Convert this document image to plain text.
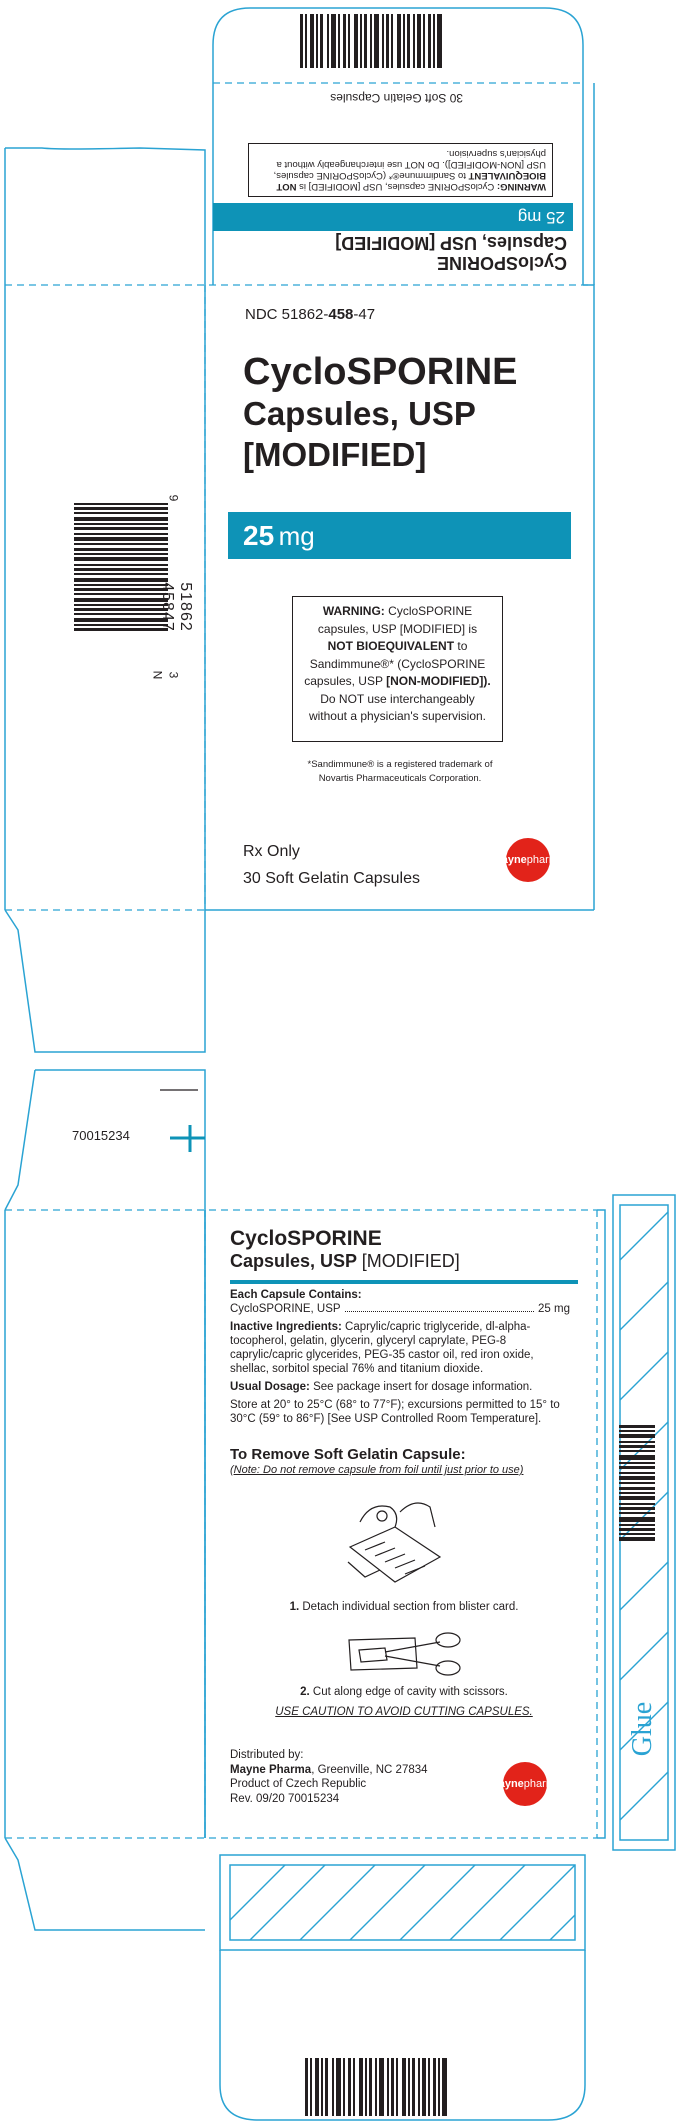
CycloSPORINE
Capsules, USP [MODIFIED]
25 mg
WARNING: CycloSPORINE capsules, USP [MODIFIED] is NOT BIOEQUIVALENT to Sandimmune®* (CycloSPORINE capsules, USP [NON-MODIFIED]). Do NOT use interchangeably without a physician's supervision.
30 Soft Gelatin Capsules
NDC 51862-458-47
CycloSPORINE
Capsules, USP
[MODIFIED]
25 mg
WARNING: CycloSPORINE
capsules, USP [MODIFIED] is
NOT BIOEQUIVALENT to
Sandimmune®* (CycloSPORINE
capsules, USP [NON-MODIFIED]).
Do NOT use interchangeably
without a physician's supervision.
*Sandimmune® is a registered trademark of
Novartis Pharmaceuticals Corporation.
Rx Only
30 Soft Gelatin Capsules
mayne pharma
9
51862 45847
N 3
70015234
CycloSPORINE
Capsules, USP [MODIFIED]
Each Capsule Contains:
CycloSPORINE, USP	25 mg
Inactive Ingredients: Caprylic/capric triglyceride, dl-alpha-tocopherol, gelatin, glycerin, glyceryl caprylate, PEG-8 caprylic/capric glycerides, PEG-35 castor oil, red iron oxide, shellac, sorbitol special 76% and titanium dioxide.
Usual Dosage: See package insert for dosage information.
Store at 20° to 25°C (68° to 77°F); excursions permitted to 15° to 30°C (59° to 86°F) [See USP Controlled Room Temperature].
To Remove Soft Gelatin Capsule:
(Note: Do not remove capsule from foil until just prior to use)
1. Detach individual section from blister card.
2. Cut along edge of cavity with scissors.
USE CAUTION TO AVOID CUTTING CAPSULES.
Distributed by:
Mayne Pharma, Greenville, NC 27834
Product of Czech Republic
Rev. 09/20 70015234
mayne pharma
Glue
